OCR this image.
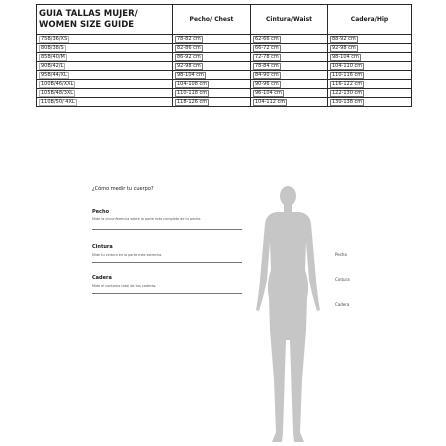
GUIA TALLAS MUJER/ WOMEN SIZE GUIDE	Pecho/ Chest	Cintura/Waist	Cadera/Hip
75B/36/XS	78-82 cm	62-66 cm	88-92 cm
80B/38/S	82-86 cm	66-72 cm	92-98 cm
85B/40/M	86-92 cm	72-78 cm	98-104 cm
90B/42/L	92-98 cm	78-84 cm	104-110 cm
95B/44/XL	98-104 cm	84-90 cm	110-116 cm
100B/46/XXL	104-108 cm	90-96 cm	116-122 cm
105B/48/3XL	110-118 cm	96-104 cm	122-130 cm
110B/50/ 4XL	118-126 cm	104-112 cm	130-138 cm
¿Cómo medir tu cuerpo?
Pecho
Mide la circunferencia sobre la parte más completa de tu pecho.
Cintura
Mide tu cintura en la parte más estrecha.
Cadera
Mide el contorno total de tus caderas.
Pecho
Cintura
Cadera
